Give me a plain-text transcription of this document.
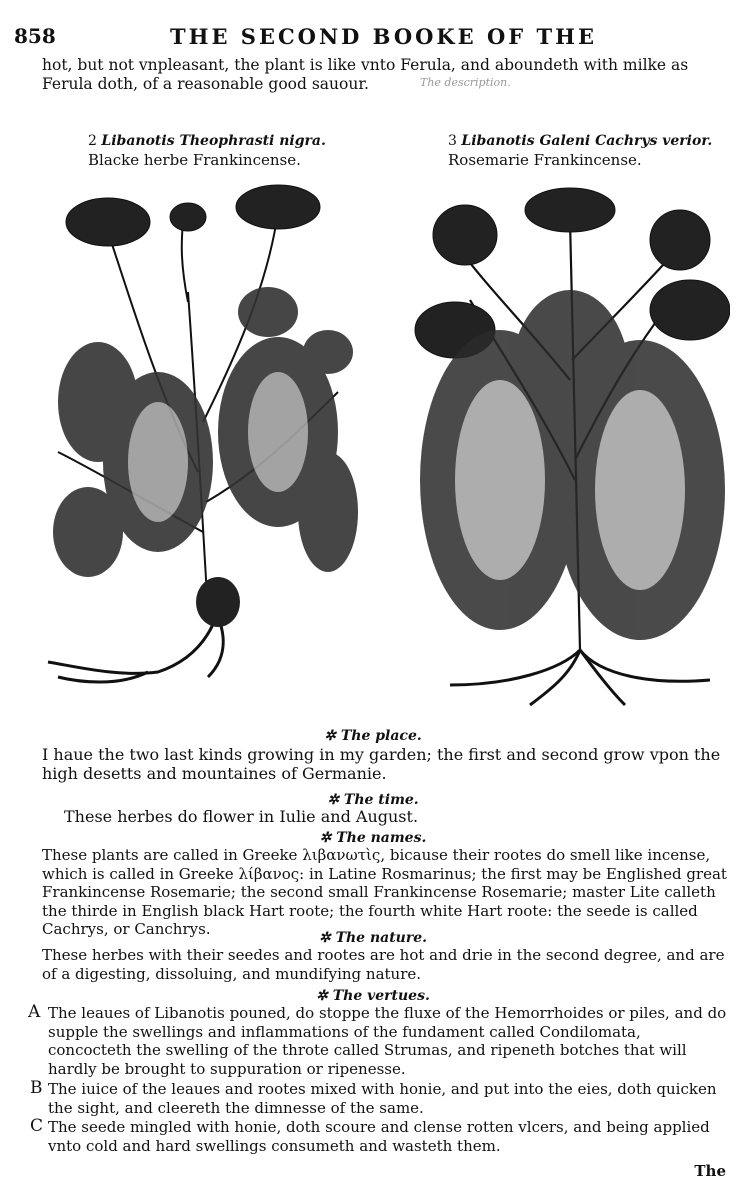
858	THE SECOND BOOKE OF THE
hot, but not vnpleasant, the plant is like vnto Ferula, and aboundeth with milke as Ferula doth, of a reasonable good sauour.	The description.
2 Libanotis Theophrasti nigra.
Blacke herbe Frankincense.
3 Libanotis Galeni Cachrys verior.
Rosemarie Frankincense.
✲ The place.
I haue the two last kinds growing in my garden; the first and second grow vpon the high desetts and mountaines of Germanie.
✲ The time.
These herbes do flower in Iulie and August.
✲ The names.
These plants are called in Greeke λιβανωτὶς, bicause their rootes do smell like incense, which is called in Greeke λίβανος: in Latine Rosmarinus; the first may be Englished great Frankincense Rosemarie; the second small Frankincense Rosemarie; master Lite calleth the thirde in English black Hart roote; the fourth white Hart roote: the seede is called Cachrys, or Canchrys.	✲ The nature.
These herbes with their seedes and rootes are hot and drie in the second degree, and are of a digesting, dissoluing, and mundifying nature.
✲ The vertues.
A The leaues of Libanotis pouned, do stoppe the fluxe of the Hemorrhoides or piles, and do supple the swellings and inflammations of the fundament called Condilomata, concocteth the swelling of the throte called Strumas, and ripeneth botches that will hardly be brought to suppuration or ripenesse.
B The iuice of the leaues and rootes mixed with honie, and put into the eies, doth quicken the sight, and cleereth the dimnesse of the same.
C The seede mingled with honie, doth scoure and clense rotten vlcers, and being applied vnto cold and hard swellings consumeth and wasteth them.
The
